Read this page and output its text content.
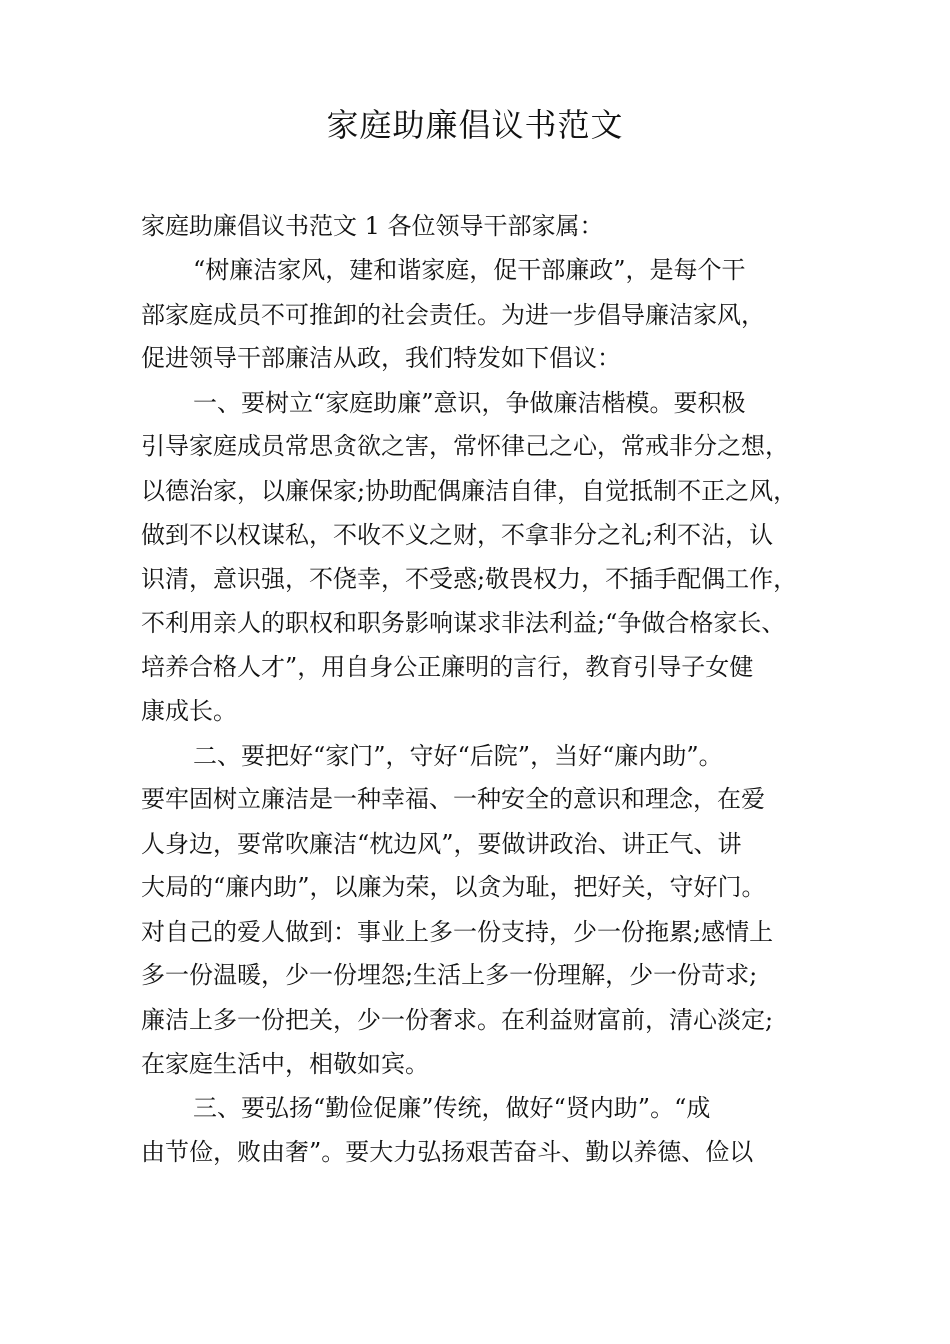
家庭助廉倡议书范文
家庭助廉倡议书范文 1 各位领导干部家属：
“树廉洁家风，建和谐家庭，促干部廉政”，是每个干
部家庭成员不可推卸的社会责任。为进一步倡导廉洁家风，
促进领导干部廉洁从政，我们特发如下倡议：
一、要树立“家庭助廉”意识，争做廉洁楷模。要积极
引导家庭成员常思贪欲之害，常怀律己之心，常戒非分之想，
以德治家，以廉保家;协助配偶廉洁自律，自觉抵制不正之风，
做到不以权谋私，不收不义之财，不拿非分之礼;利不沾，认
识清，意识强，不侥幸，不受惑;敬畏权力，不插手配偶工作，
不利用亲人的职权和职务影响谋求非法利益;“争做合格家长、
培养合格人才”，用自身公正廉明的言行，教育引导子女健
康成长。
二、要把好“家门”，守好“后院”，当好“廉内助”。
要牢固树立廉洁是一种幸福、一种安全的意识和理念，在爱
人身边，要常吹廉洁“枕边风”，要做讲政治、讲正气、讲
大局的“廉内助”，以廉为荣，以贪为耻，把好关，守好门。
对自己的爱人做到：事业上多一份支持，少一份拖累;感情上
多一份温暖，少一份埋怨;生活上多一份理解，少一份苛求;
廉洁上多一份把关，少一份奢求。在利益财富前，清心淡定;
在家庭生活中，相敬如宾。
三、要弘扬“勤俭促廉”传统，做好“贤内助”。“成
由节俭，败由奢”。要大力弘扬艰苦奋斗、勤以养德、俭以
